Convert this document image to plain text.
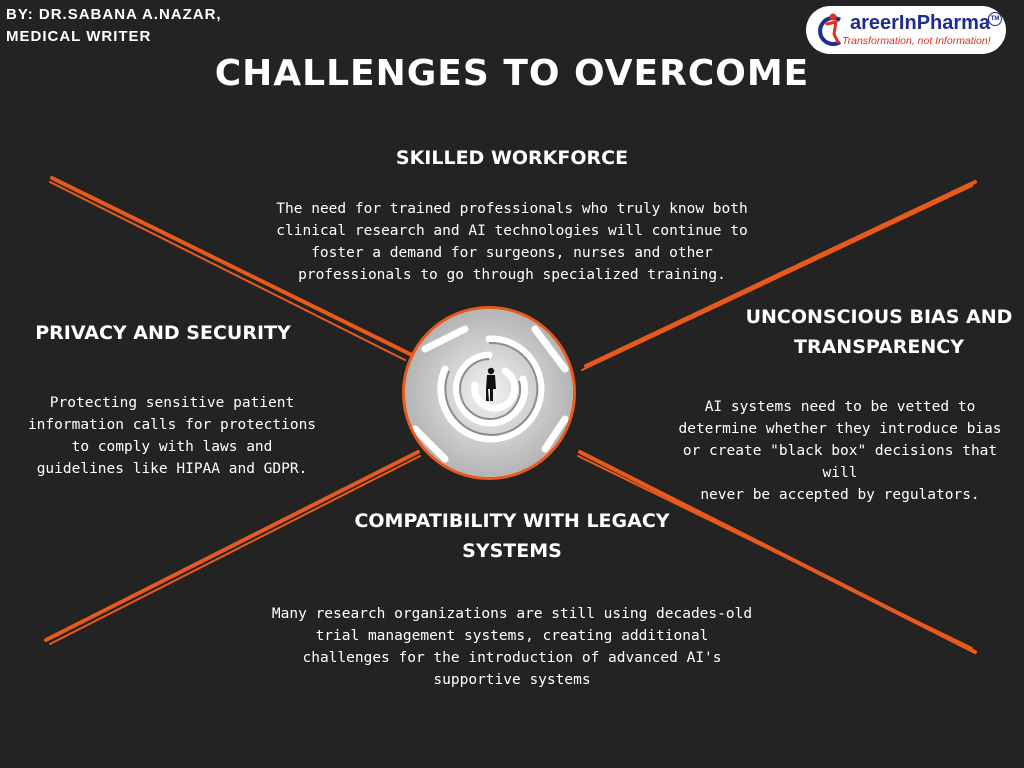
BY: DR.SABANA A.NAZAR,
MEDICAL WRITER
areerInPharma
Transformation, not Information!
TM
CHALLENGES TO OVERCOME
SKILLED WORKFORCE
The need for trained professionals who truly know both
clinical research and AI technologies will continue to
foster a demand for surgeons, nurses and other
professionals to go through specialized training.
PRIVACY AND SECURITY
Protecting sensitive patient
information calls for protections
to comply with laws and
guidelines like HIPAA and GDPR.
UNCONSCIOUS BIAS AND
TRANSPARENCY
AI systems need to be vetted to
determine whether they introduce bias
or create "black box" decisions that will
never be accepted by regulators.
COMPATIBILITY WITH LEGACY
SYSTEMS
Many research organizations are still using decades-old
trial management systems, creating additional
challenges for the introduction of advanced AI's
supportive systems
